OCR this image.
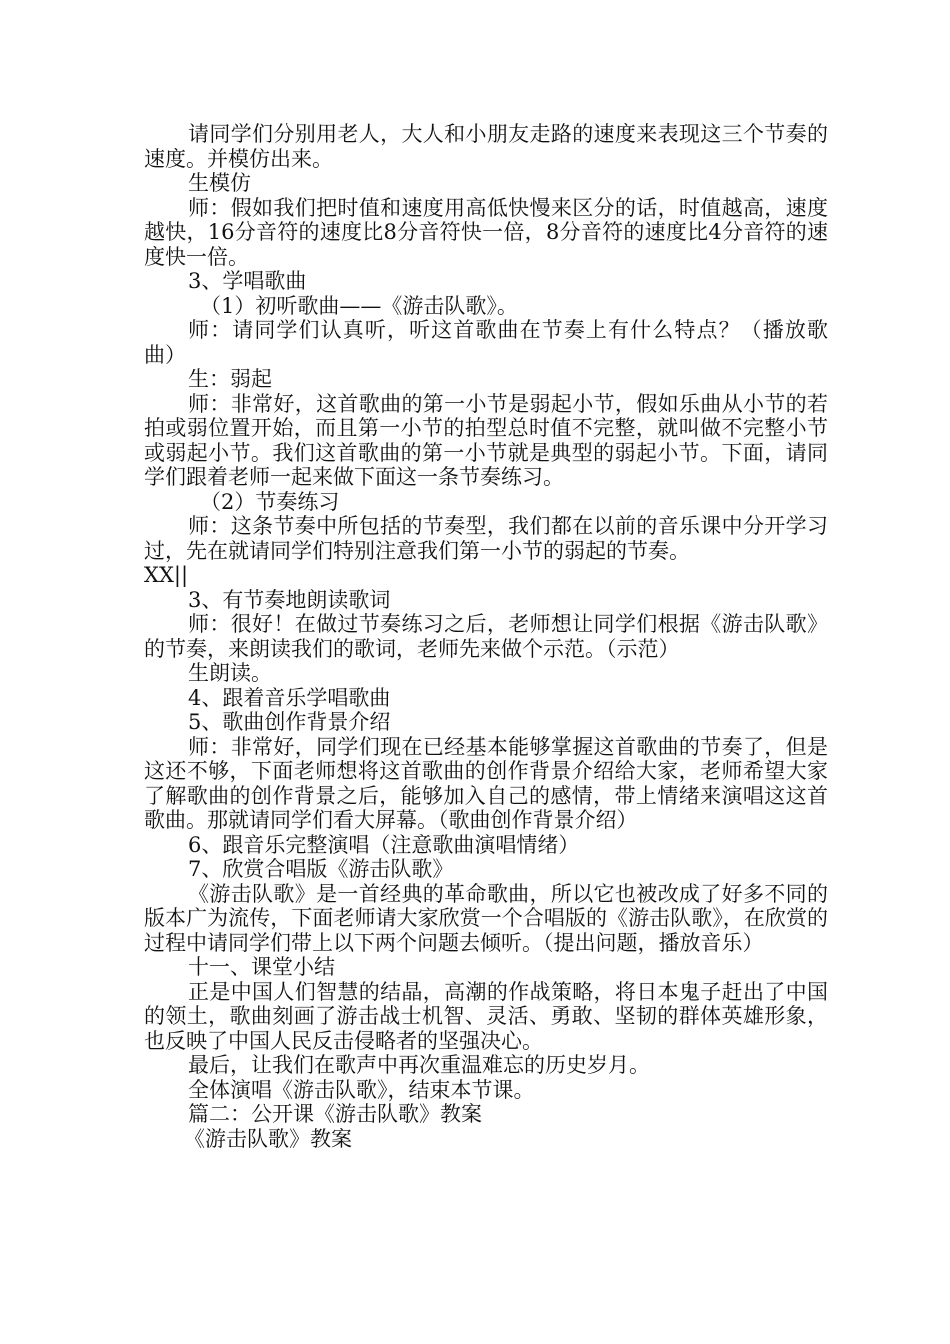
请同学们分别用老人，大人和小朋友走路的速度来表现这三个节奏的速度。并模仿出来。

生模仿

师：假如我们把时值和速度用高低快慢来区分的话，时值越高，速度越快，16分音符的速度比8分音符快一倍，8分音符的速度比4分音符的速度快一倍。

3、学唱歌曲

（1）初听歌曲——《游击队歌》。

师：请同学们认真听，听这首歌曲在节奏上有什么特点？（播放歌曲）

生：弱起

师：非常好，这首歌曲的第一小节是弱起小节，假如乐曲从小节的若拍或弱位置开始，而且第一小节的拍型总时值不完整，就叫做不完整小节或弱起小节。我们这首歌曲的第一小节就是典型的弱起小节。下面，请同学们跟着老师一起来做下面这一条节奏练习。

（2）节奏练习

师：这条节奏中所包括的节奏型，我们都在以前的音乐课中分开学习过，先在就请同学们特别注意我们第一小节的弱起的节奏。

XX||

3、有节奏地朗读歌词

师：很好！在做过节奏练习之后，老师想让同学们根据《游击队歌》的节奏，来朗读我们的歌词，老师先来做个示范。（示范）

生朗读。

4、跟着音乐学唱歌曲

5、歌曲创作背景介绍

师：非常好，同学们现在已经基本能够掌握这首歌曲的节奏了，但是这还不够，下面老师想将这首歌曲的创作背景介绍给大家，老师希望大家了解歌曲的创作背景之后，能够加入自己的感情，带上情绪来演唱这这首歌曲。那就请同学们看大屏幕。（歌曲创作背景介绍）

6、跟音乐完整演唱（注意歌曲演唱情绪）

7、欣赏合唱版《游击队歌》

《游击队歌》是一首经典的革命歌曲，所以它也被改成了好多不同的版本广为流传，下面老师请大家欣赏一个合唱版的《游击队歌》，在欣赏的过程中请同学们带上以下两个问题去倾听。（提出问题，播放音乐）

十一、课堂小结

正是中国人们智慧的结晶，高潮的作战策略，将日本鬼子赶出了中国的领土，歌曲刻画了游击战士机智、灵活、勇敢、坚韧的群体英雄形象，也反映了中国人民反击侵略者的坚强决心。

最后，让我们在歌声中再次重温难忘的历史岁月。

全体演唱《游击队歌》，结束本节课。

篇二：公开课《游击队歌》教案

《游击队歌》教案
